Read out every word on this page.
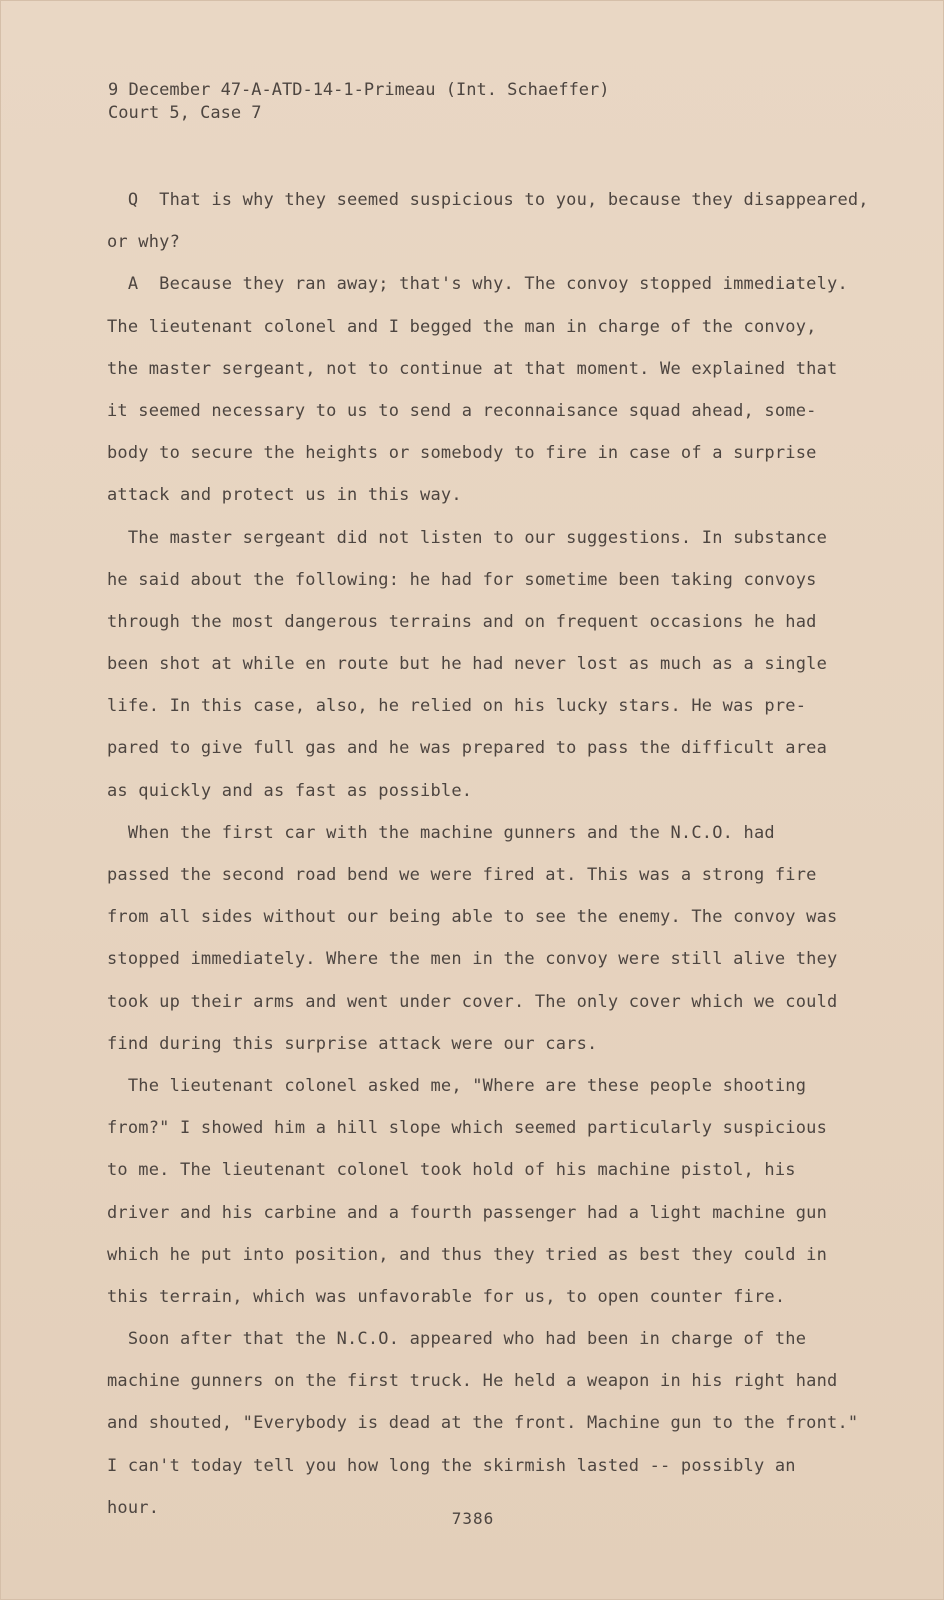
9 December 47-A-ATD-14-1-Primeau (Int. Schaeffer)
Court 5, Case 7
Q  That is why they seemed suspicious to you, because they disappeared,
or why?
A  Because they ran away; that's why. The convoy stopped immediately.
The lieutenant colonel and I begged the man in charge of the convoy,
the master sergeant, not to continue at that moment. We explained that
it seemed necessary to us to send a reconnaisance squad ahead, some-
body to secure the heights or somebody to fire in case of a surprise
attack and protect us in this way.
The master sergeant did not listen to our suggestions. In substance
he said about the following: he had for sometime been taking convoys
through the most dangerous terrains and on frequent occasions he had
been shot at while en route but he had never lost as much as a single
life. In this case, also, he relied on his lucky stars. He was pre-
pared to give full gas and he was prepared to pass the difficult area
as quickly and as fast as possible.
When the first car with the machine gunners and the N.C.O. had
passed the second road bend we were fired at. This was a strong fire
from all sides without our being able to see the enemy. The convoy was
stopped immediately. Where the men in the convoy were still alive they
took up their arms and went under cover. The only cover which we could
find during this surprise attack were our cars.
The lieutenant colonel asked me, "Where are these people shooting
from?" I showed him a hill slope which seemed particularly suspicious
to me. The lieutenant colonel took hold of his machine pistol, his
driver and his carbine and a fourth passenger had a light machine gun
which he put into position, and thus they tried as best they could in
this terrain, which was unfavorable for us, to open counter fire.
Soon after that the N.C.O. appeared who had been in charge of the
machine gunners on the first truck. He held a weapon in his right hand
and shouted, "Everybody is dead at the front. Machine gun to the front."
I can't today tell you how long the skirmish lasted -- possibly an
hour.
7386
